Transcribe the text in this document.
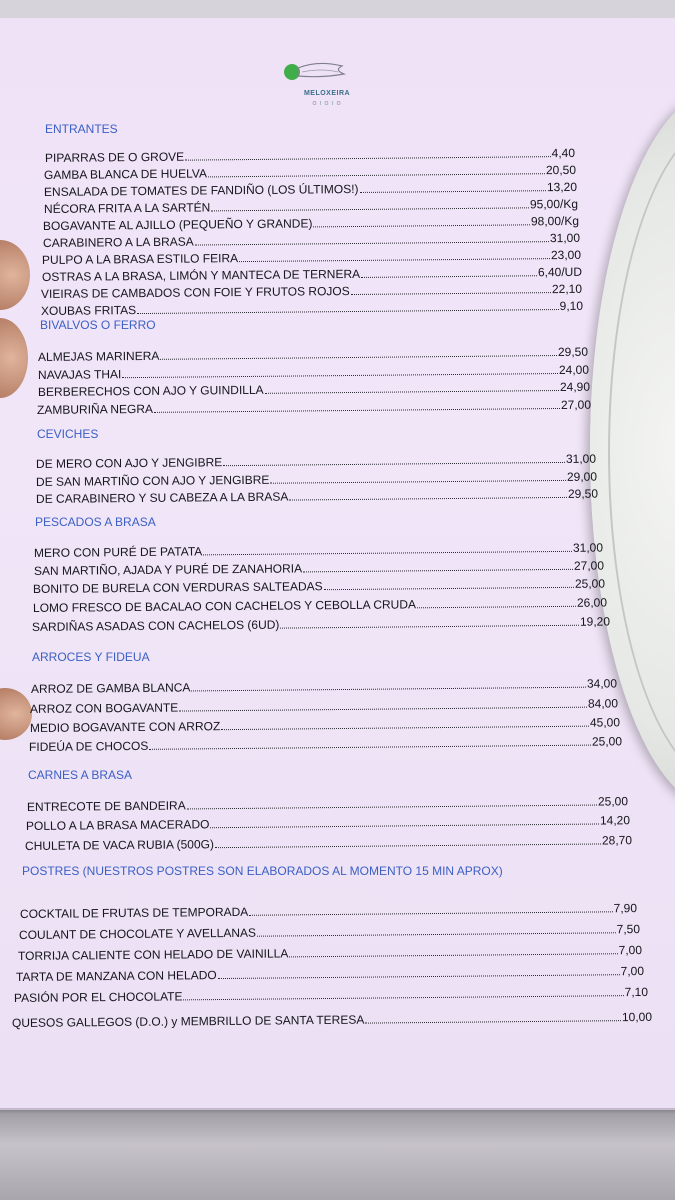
MELOXEIRA
O I O I O
ENTRANTES
PIPARRAS DE O GROVE	4,40
GAMBA BLANCA DE HUELVA	20,50
ENSALADA DE TOMATES DE FANDIÑO (LOS ÚLTIMOS!)	13,20
NÉCORA FRITA A LA SARTÉN	95,00/Kg
BOGAVANTE AL AJILLO (PEQUEÑO Y GRANDE)	98,00/Kg
CARABINERO A LA BRASA	31,00
PULPO A LA BRASA ESTILO FEIRA	23,00
OSTRAS A LA BRASA, LIMÓN Y MANTECA DE TERNERA	6,40/UD
VIEIRAS DE CAMBADOS CON FOIE Y FRUTOS ROJOS	22,10
XOUBAS FRITAS	9,10
BIVALVOS O FERRO
ALMEJAS MARINERA	29,50
NAVAJAS THAI	24,00
BERBERECHOS CON AJO Y GUINDILLA	24,90
ZAMBURIÑA NEGRA	27,00
CEVICHES
DE MERO CON AJO Y JENGIBRE	31,00
DE SAN MARTIÑO CON AJO Y JENGIBRE	29,00
DE CARABINERO Y SU CABEZA A LA BRASA	29,50
PESCADOS A BRASA
MERO CON PURÉ DE PATATA	31,00
SAN MARTIÑO, AJADA Y PURÉ DE ZANAHORIA	27,00
BONITO DE BURELA CON VERDURAS SALTEADAS	25,00
LOMO FRESCO DE BACALAO CON CACHELOS Y CEBOLLA CRUDA	26,00
SARDIÑAS ASADAS CON CACHELOS (6UD)	19,20
ARROCES Y FIDEUA
ARROZ DE GAMBA BLANCA	34,00
ARROZ CON BOGAVANTE	84,00
MEDIO BOGAVANTE CON ARROZ	45,00
FIDEÚA DE CHOCOS	25,00
CARNES A BRASA
ENTRECOTE DE BANDEIRA	25,00
POLLO A LA BRASA MACERADO	14,20
CHULETA DE VACA RUBIA (500G)	28,70
POSTRES (NUESTROS POSTRES SON ELABORADOS AL MOMENTO 15 MIN APROX)
COCKTAIL DE FRUTAS DE TEMPORADA	7,90
COULANT DE CHOCOLATE Y AVELLANAS	7,50
TORRIJA CALIENTE CON HELADO DE VAINILLA	7,00
TARTA DE MANZANA CON HELADO	7,00
PASIÓN POR EL CHOCOLATE	7,10
QUESOS GALLEGOS (D.O.) y MEMBRILLO DE SANTA TERESA	10,00
